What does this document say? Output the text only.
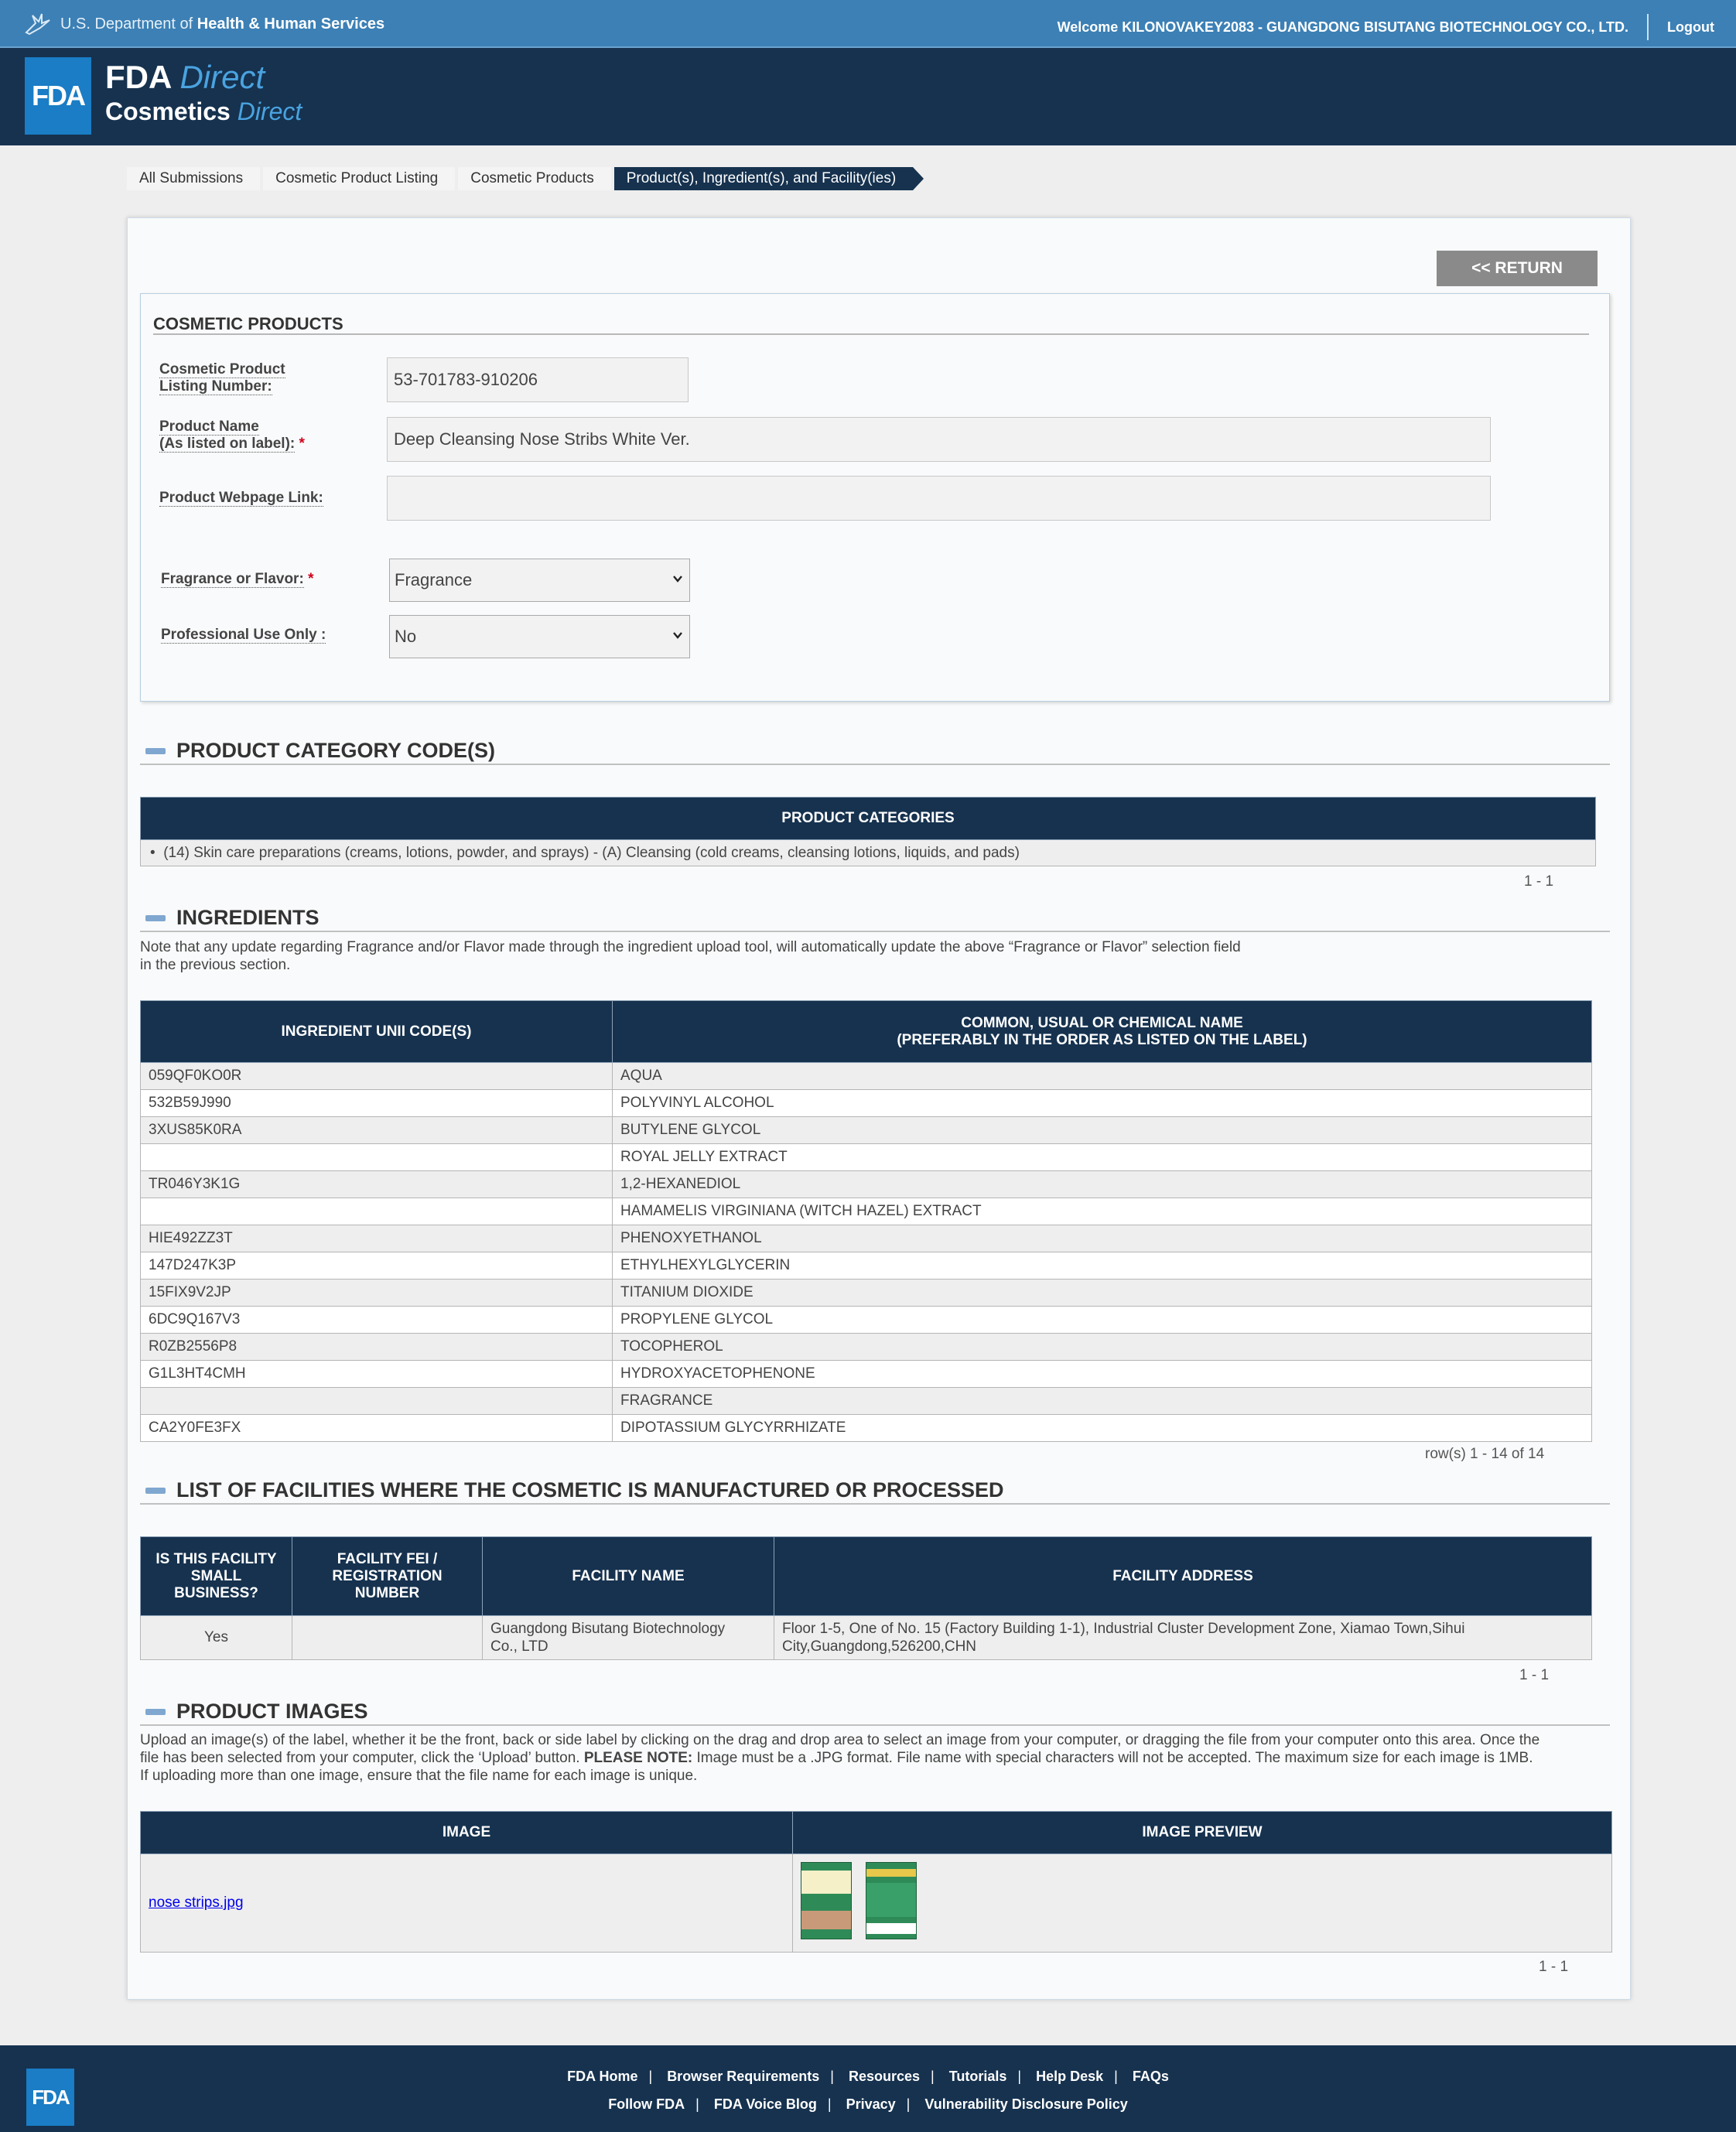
U.S. Department of Health & Human Services	Welcome KILONOVAKEY2083 - GUANGDONG BISUTANG BIOTECHNOLOGY CO., LTD.	Logout
FDA
FDA Direct
Cosmetics Direct
All Submissions	Cosmetic Product Listing	Cosmetic Products	Product(s), Ingredient(s), and Facility(ies)
<< RETURN
COSMETIC PRODUCTS
Cosmetic Product
Listing Number:	53-701783-910206
Product Name
(As listed on label): *	Deep Cleansing Nose Stribs White Ver.
Product Webpage Link:
Fragrance or Flavor: *	Fragrance
Professional Use Only :	No
PRODUCT CATEGORY CODE(S)
PRODUCT CATEGORIES
•  (14) Skin care preparations (creams, lotions, powder, and sprays) - (A) Cleansing (cold creams, cleansing lotions, liquids, and pads)
1 - 1
INGREDIENTS
Note that any update regarding Fragrance and/or Flavor made through the ingredient upload tool, will automatically update the above “Fragrance or Flavor” selection field
in the previous section.
INGREDIENT UNII CODE(S)	COMMON, USUAL OR CHEMICAL NAME
(PREFERABLY IN THE ORDER AS LISTED ON THE LABEL)
059QF0KO0R	AQUA
532B59J990	POLYVINYL ALCOHOL
3XUS85K0RA	BUTYLENE GLYCOL
	ROYAL JELLY EXTRACT
TR046Y3K1G	1,2-HEXANEDIOL
	HAMAMELIS VIRGINIANA (WITCH HAZEL) EXTRACT
HIE492ZZ3T	PHENOXYETHANOL
147D247K3P	ETHYLHEXYLGLYCERIN
15FIX9V2JP	TITANIUM DIOXIDE
6DC9Q167V3	PROPYLENE GLYCOL
R0ZB2556P8	TOCOPHEROL
G1L3HT4CMH	HYDROXYACETOPHENONE
	FRAGRANCE
CA2Y0FE3FX	DIPOTASSIUM GLYCYRRHIZATE
row(s) 1 - 14 of 14
LIST OF FACILITIES WHERE THE COSMETIC IS MANUFACTURED OR PROCESSED
IS THIS FACILITY
SMALL
BUSINESS?	FACILITY FEI /
REGISTRATION
NUMBER	FACILITY NAME	FACILITY ADDRESS
Yes		Guangdong Bisutang Biotechnology
Co., LTD	Floor 1-5, One of No. 15 (Factory Building 1-1), Industrial Cluster Development Zone, Xiamao Town,Sihui
City,Guangdong,526200,CHN
1 - 1
PRODUCT IMAGES
Upload an image(s) of the label, whether it be the front, back or side label by clicking on the drag and drop area to select an image from your computer, or dragging the file from your computer onto this area. Once the
file has been selected from your computer, click the ‘Upload’ button. PLEASE NOTE: Image must be a .JPG format. File name with special characters will not be accepted. The maximum size for each image is 1MB.
If uploading more than one image, ensure that the file name for each image is unique.
IMAGE	IMAGE PREVIEW
nose strips.jpg	
1 - 1
FDA
FDA Home | Browser Requirements | Resources | Tutorials | Help Desk | FAQs
Follow FDA | FDA Voice Blog | Privacy | Vulnerability Disclosure Policy
